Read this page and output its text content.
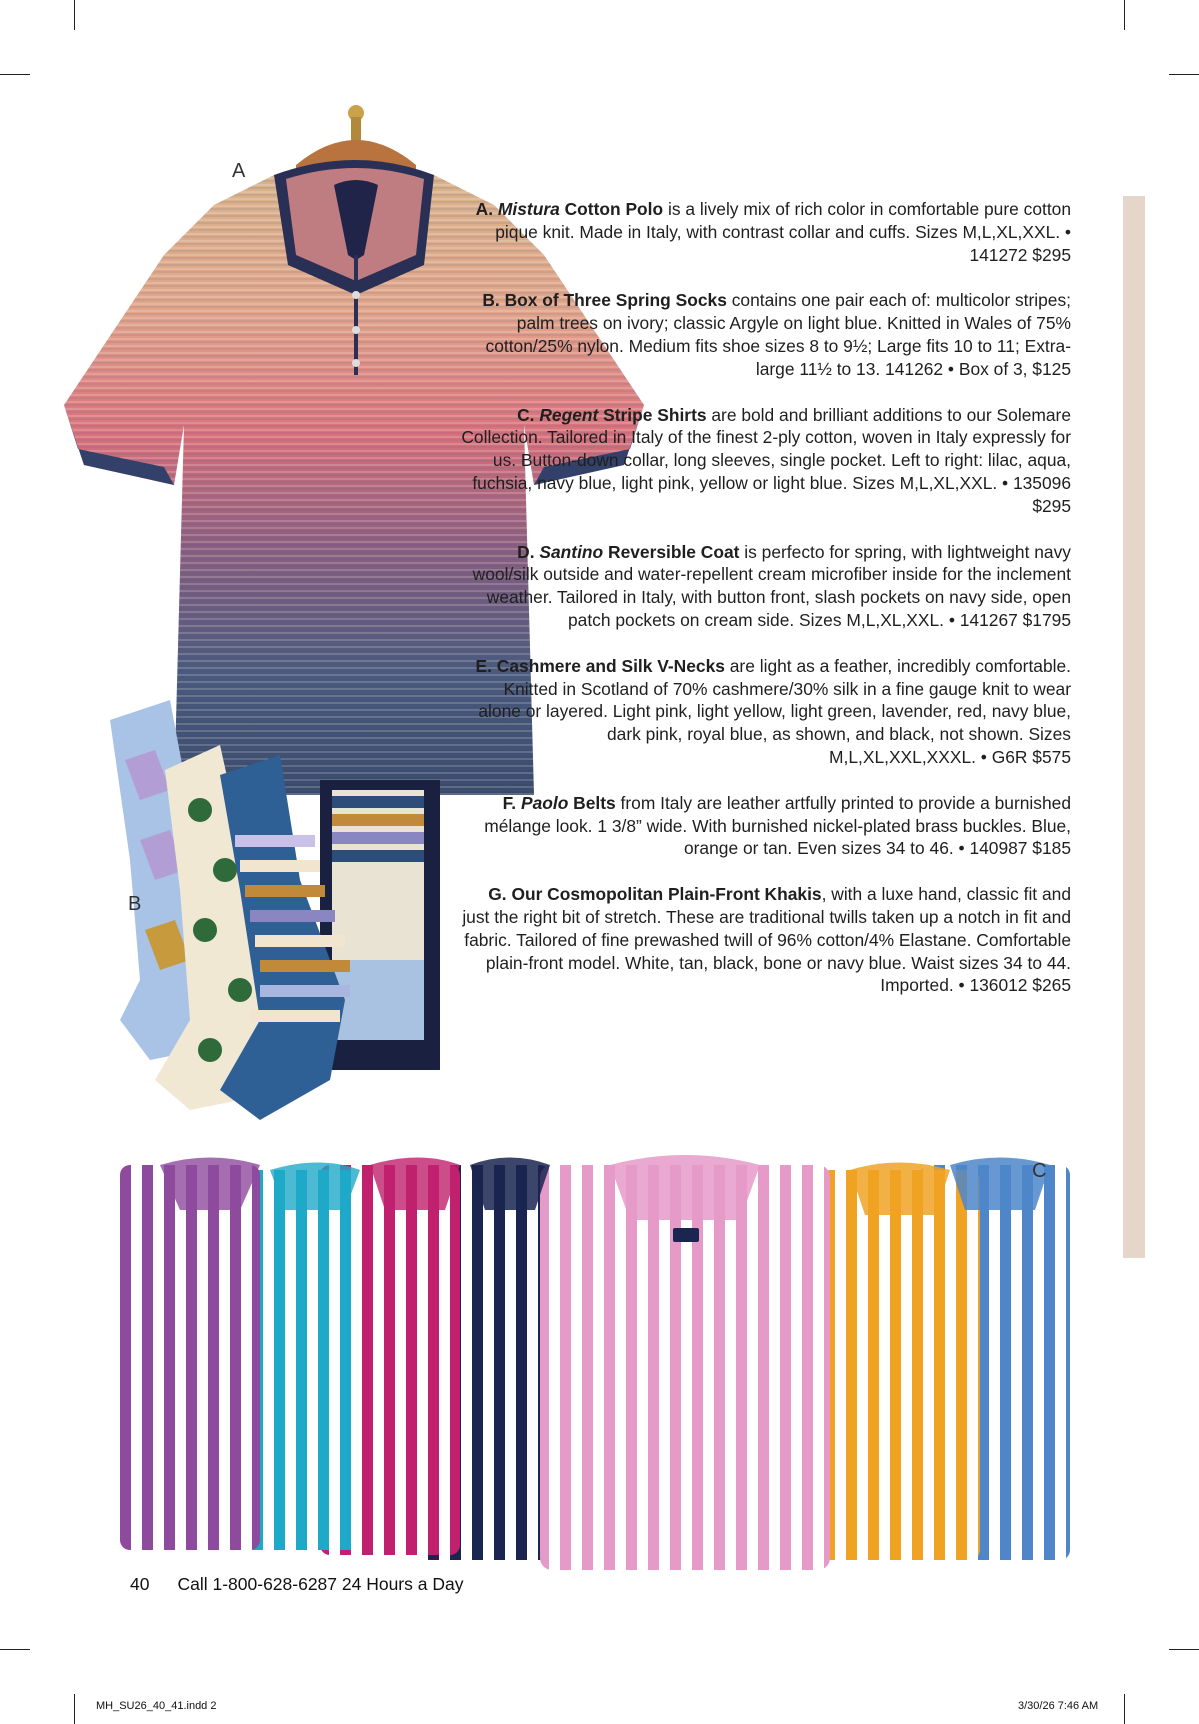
A
B
C

A. Mistura Cotton Polo is a lively mix of rich color in comfortable pure cotton pique knit. Made in Italy, with contrast collar and cuffs. Sizes M,L,XL,XXL. • 141272 $295

B. Box of Three Spring Socks contains one pair each of: multicolor stripes; palm trees on ivory; classic Argyle on light blue. Knitted in Wales of 75% cotton/25% nylon. Medium fits shoe sizes 8 to 9½; Large fits 10 to 11; Extra-large 11½ to 13. 141262 • Box of 3, $125

C. Regent Stripe Shirts are bold and brilliant additions to our Solemare Collection. Tailored in Italy of the finest 2-ply cotton, woven in Italy expressly for us. Button-down collar, long sleeves, single pocket. Left to right: lilac, aqua, fuchsia, navy blue, light pink, yellow or light blue. Sizes M,L,XL,XXL. • 135096 $295

D. Santino Reversible Coat is perfecto for spring, with lightweight navy wool/silk outside and water-repellent cream microfiber inside for the inclement weather. Tailored in Italy, with button front, slash pockets on navy side, open patch pockets on cream side. Sizes M,L,XL,XXL. • 141267 $1795

E. Cashmere and Silk V-Necks are light as a feather, incredibly comfortable. Knitted in Scotland of 70% cashmere/30% silk in a fine gauge knit to wear alone or layered. Light pink, light yellow, light green, lavender, red, navy blue, dark pink, royal blue, as shown, and black, not shown. Sizes M,L,XL,XXL,XXXL. • G6R $575

F. Paolo Belts from Italy are leather artfully printed to provide a burnished mélange look. 1 3/8” wide. With burnished nickel-plated brass buckles. Blue, orange or tan. Even sizes 34 to 46. • 140987 $185

G. Our Cosmopolitan Plain-Front Khakis, with a luxe hand, classic fit and just the right bit of stretch. These are traditional twills taken up a notch in fit and fabric. Tailored of fine prewashed twill of 96% cotton/4% Elastane. Comfortable plain-front model. White, tan, black, bone or navy blue. Waist sizes 34 to 44. Imported. • 136012 $265

40 Call 1-800-628-6287 24 Hours a Day
MH_SU26_40_41.indd 2	3/30/26 7:46 AM
